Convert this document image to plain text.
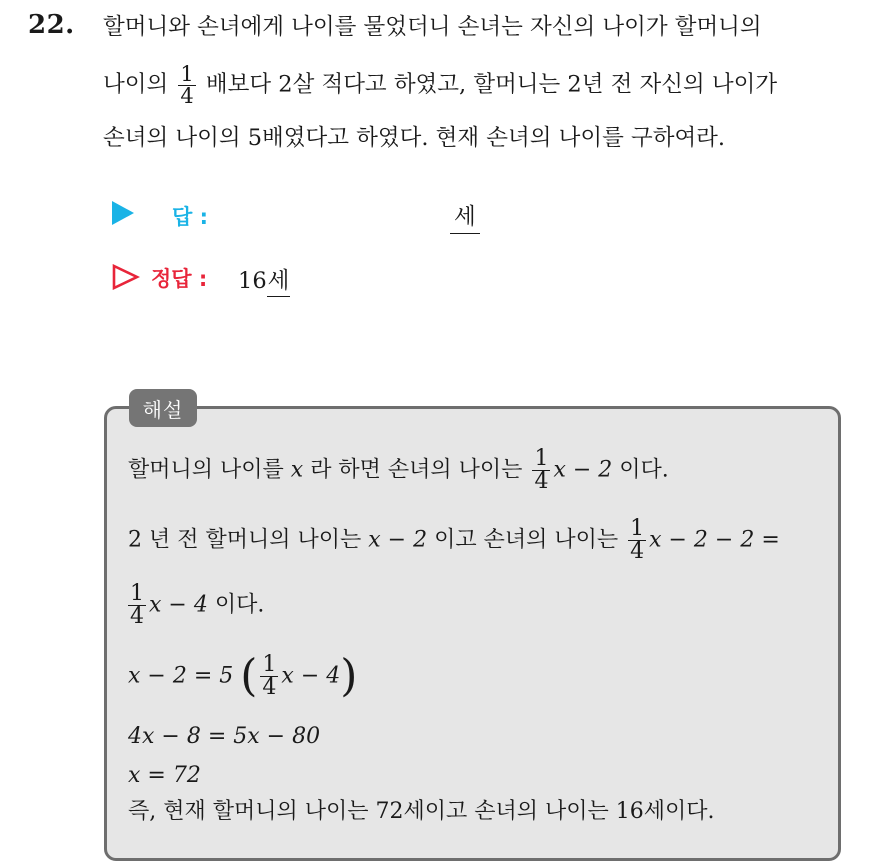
22. 할머니와 손녀에게 나이를 물었더니 손녀는 자신의 나이가 할머니의
나이의 $\frac{1}{4}$ 배보다 2살 적다고 하였고, 할머니는 2년 전 자신의 나이가
손녀의 나이의 5배였다고 하였다. 현재 손녀의 나이를 구하여라.
답 :	세
정답 : 16세
해설
할머니의 나이를 x 라 하면 손녀의 나이는 $\frac{1}{4}$ x − 2 이다.
2 년 전 할머니의 나이는 x − 2 이고 손녀의 나이는 $\frac{1}{4}$ x − 2 − 2 =
$\frac{1}{4}$ x − 4 이다.
x − 2 = 5 ( $\frac{1}{4}$ x − 4)
4x − 8 = 5x − 80
x = 72
즉, 현재 할머니의 나이는 72세이고 손녀의 나이는 16세이다.
